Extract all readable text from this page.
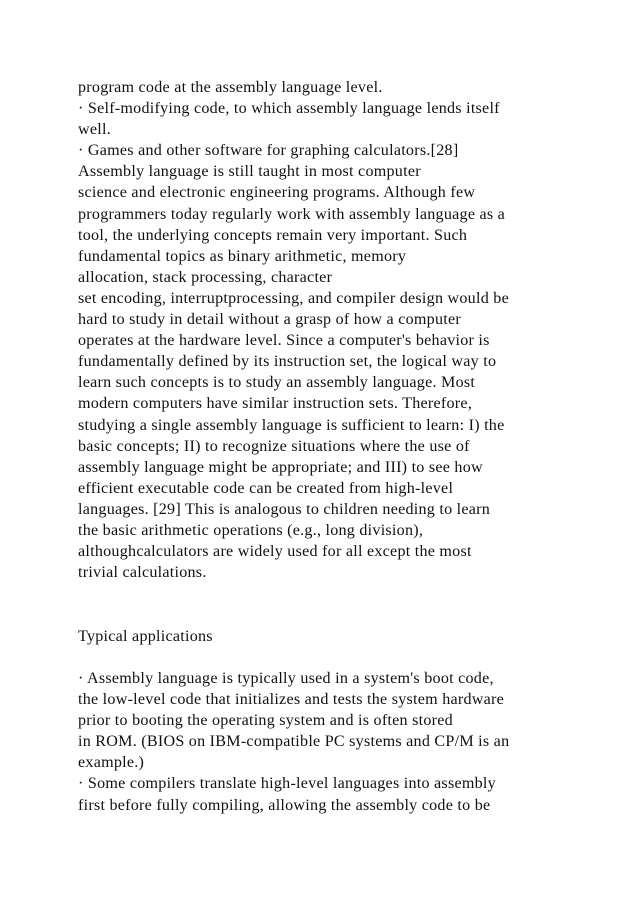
program code at the assembly language level.
· Self-modifying code, to which assembly language lends itself
well.
· Games and other software for graphing calculators.[28]
Assembly language is still taught in most computer
science and electronic engineering programs. Although few
programmers today regularly work with assembly language as a
tool, the underlying concepts remain very important. Such
fundamental topics as binary arithmetic, memory
allocation, stack processing, character
set encoding, interruptprocessing, and compiler design would be
hard to study in detail without a grasp of how a computer
operates at the hardware level. Since a computer's behavior is
fundamentally defined by its instruction set, the logical way to
learn such concepts is to study an assembly language. Most
modern computers have similar instruction sets. Therefore,
studying a single assembly language is sufficient to learn: I) the
basic concepts; II) to recognize situations where the use of
assembly language might be appropriate; and III) to see how
efficient executable code can be created from high-level
languages. [29] This is analogous to children needing to learn
the basic arithmetic operations (e.g., long division),
althoughcalculators are widely used for all except the most
trivial calculations.
Typical applications
· Assembly language is typically used in a system's boot code,
the low-level code that initializes and tests the system hardware
prior to booting the operating system and is often stored
in ROM. (BIOS on IBM-compatible PC systems and CP/M is an
example.)
· Some compilers translate high-level languages into assembly
first before fully compiling, allowing the assembly code to be
